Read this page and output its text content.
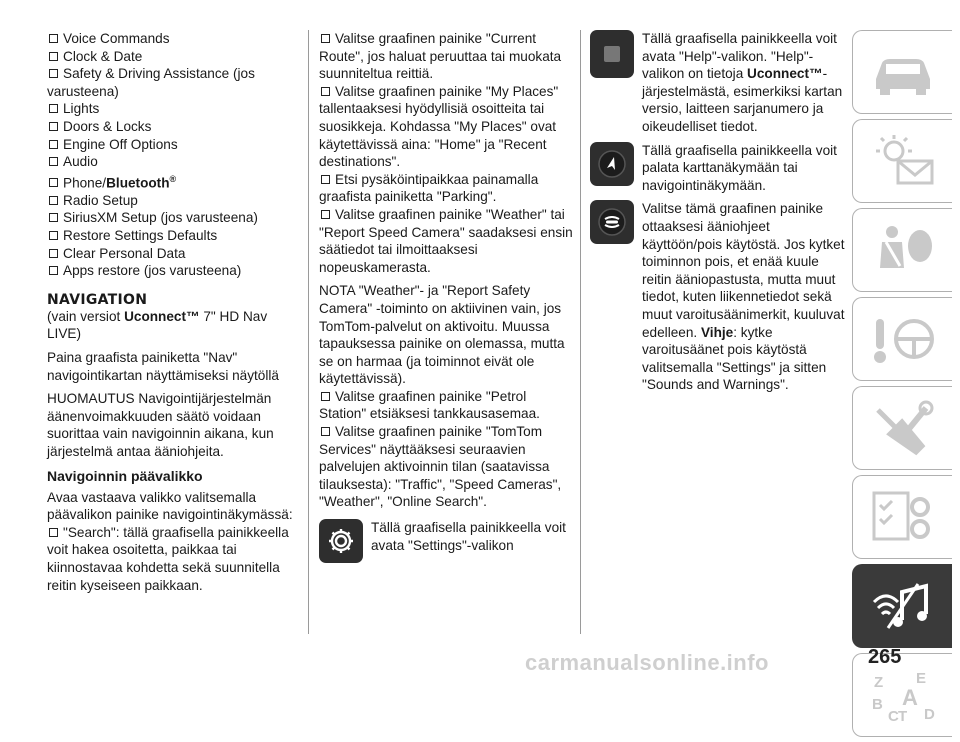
Voice Commands

Clock & Date

Safety & Driving Assistance (jos varusteena)

Lights

Doors & Locks

Engine Off Options

Audio

Phone/Bluetooth®

Radio Setup

SiriusXM Setup (jos varusteena)

Restore Settings Defaults

Clear Personal Data

Apps restore (jos varusteena)

NAVIGATION

(vain versiot Uconnect™ 7" HD Nav LIVE)

Paina graafista painiketta "Nav" navigointikartan näyttämiseksi näytöllä

HUOMAUTUS Navigointijärjestelmän äänenvoimakkuuden säätö voidaan suorittaa vain navigoinnin aikana, kun järjestelmä antaa ääniohjeita.

Navigoinnin päävalikko

Avaa vastaava valikko valitsemalla päävalikon painike navigointinäkymässä:

"Search": tällä graafisella painikkeella voit hakea osoitetta, paikkaa tai kiinnostavaa kohdetta sekä suunnitella reitin kyseiseen paikkaan.

Valitse graafinen painike "Current Route", jos haluat peruuttaa tai muokata suunniteltua reittiä.

Valitse graafinen painike "My Places" tallentaaksesi hyödyllisiä osoitteita tai suosikkeja. Kohdassa "My Places" ovat käytettävissä aina: "Home" ja "Recent destinations".

Etsi pysäköintipaikkaa painamalla graafista painiketta "Parking".

Valitse graafinen painike "Weather" tai "Report Speed Camera" saadaksesi ensin säätiedot tai ilmoittaaksesi nopeuskamerasta.

NOTA "Weather"- ja "Report Safety Camera" -toiminto on aktiivinen vain, jos TomTom-palvelut on aktivoitu. Muussa tapauksessa painike on olemassa, mutta se on harmaa (ja toiminnot eivät ole käytettävissä).

Valitse graafinen painike "Petrol Station" etsiäksesi tankkausasemaa.

Valitse graafinen painike "TomTom Services" näyttääksesi seuraavien palvelujen aktivoinnin tilan (saatavissa tilauksesta): "Traffic", "Speed Cameras", "Weather", "Online Search".

Tällä graafisella painikkeella voit avata "Settings"-valikon
Tällä graafisella painikkeella voit avata "Help"-valikon. "Help"-valikon on tietoja Uconnect™-järjestelmästä, esimerkiksi kartan versio, laitteen sarjanumero ja oikeudelliset tiedot.
Tällä graafisella painikkeella voit palata karttanäkymään tai navigointinäkymään.
Valitse tämä graafinen painike ottaaksesi ääniohjeet käyttöön/pois käytöstä. Jos kytket toiminnon pois, et enää kuule reitin ääniopastusta, mutta muut tiedot, kuten liikennetiedot sekä muut varoitusäänimerkit, kuuluvat edelleen. Vihje: kytke varoitusäänet pois käytöstä valitsemalla "Settings" ja sitten "Sounds and Warnings".
Z E
A
B
C T D
carmanualsonline.info	265
